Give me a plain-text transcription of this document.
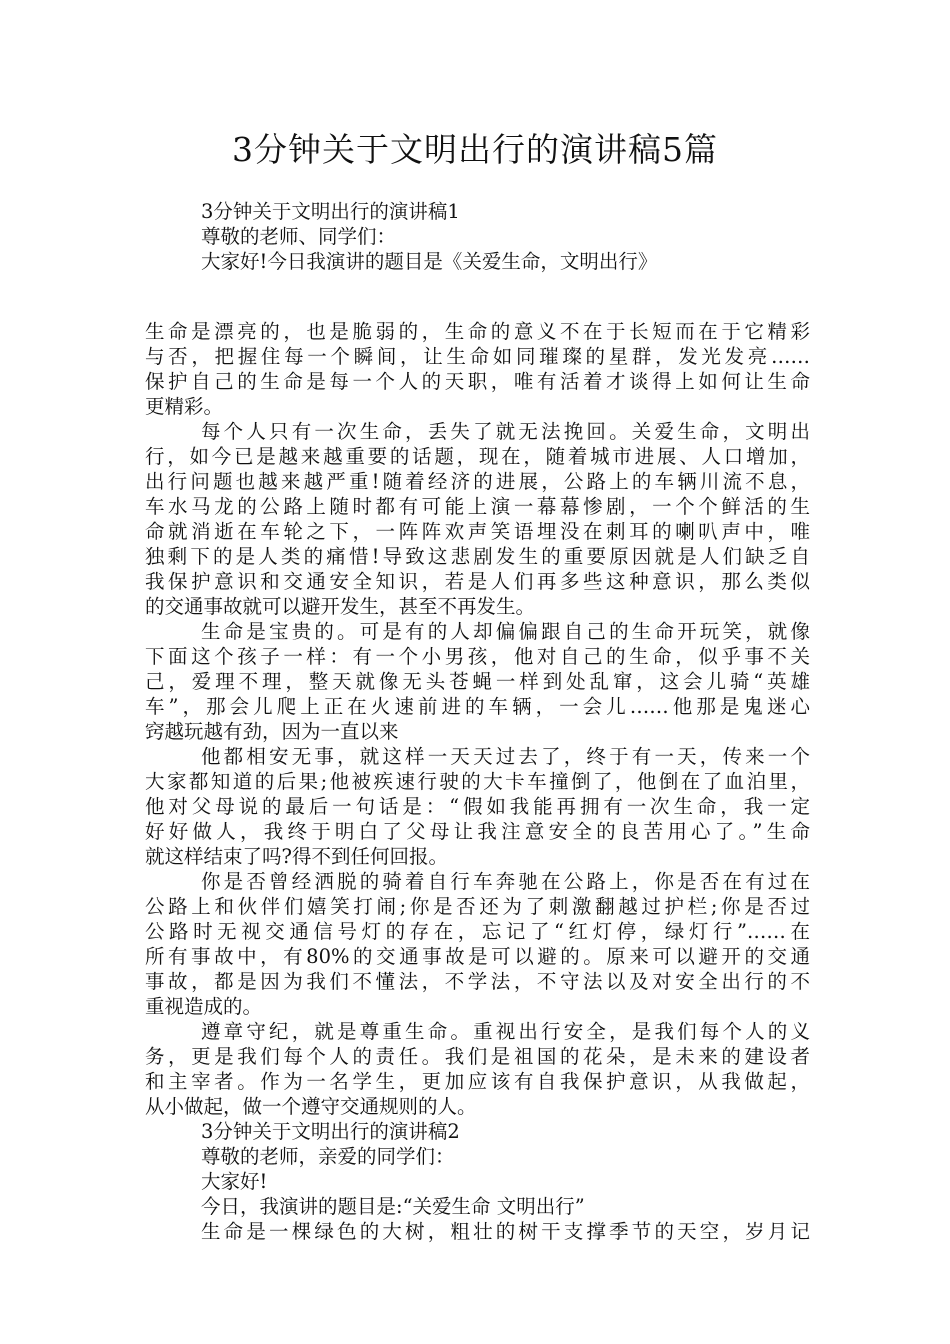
3分钟关于文明出行的演讲稿5篇
3分钟关于文明出行的演讲稿1
尊敬的老师、同学们：
大家好!今日我演讲的题目是《关爱生命，文明出行》
生命是漂亮的，也是脆弱的，生命的意义不在于长短而在于它精彩
与否，把握住每一个瞬间，让生命如同璀璨的星群，发光发亮……
保护自己的生命是每一个人的天职，唯有活着才谈得上如何让生命
更精彩。
每个人只有一次生命，丢失了就无法挽回。关爱生命，文明出
行，如今已是越来越重要的话题，现在，随着城市进展、人口增加，
出行问题也越来越严重!随着经济的进展，公路上的车辆川流不息，
车水马龙的公路上随时都有可能上演一幕幕惨剧，一个个鲜活的生
命就消逝在车轮之下，一阵阵欢声笑语埋没在刺耳的喇叭声中，唯
独剩下的是人类的痛惜!导致这悲剧发生的重要原因就是人们缺乏自
我保护意识和交通安全知识，若是人们再多些这种意识，那么类似
的交通事故就可以避开发生，甚至不再发生。
生命是宝贵的。可是有的人却偏偏跟自己的生命开玩笑，就像
下面这个孩子一样：有一个小男孩，他对自己的生命，似乎事不关
己，爱理不理，整天就像无头苍蝇一样到处乱窜，这会儿骑“英雄
车”，那会儿爬上正在火速前进的车辆，一会儿……他那是鬼迷心
窍越玩越有劲，因为一直以来
他都相安无事，就这样一天天过去了，终于有一天，传来一个
大家都知道的后果;他被疾速行驶的大卡车撞倒了，他倒在了血泊里，
他对父母说的最后一句话是：“假如我能再拥有一次生命，我一定
好好做人，我终于明白了父母让我注意安全的良苦用心了。”生命
就这样结束了吗?得不到任何回报。
你是否曾经洒脱的骑着自行车奔驰在公路上，你是否在有过在
公路上和伙伴们嬉笑打闹;你是否还为了刺激翻越过护栏;你是否过
公路时无视交通信号灯的存在，忘记了“红灯停，绿灯行”……在
所有事故中，有80%的交通事故是可以避的。原来可以避开的交通
事故，都是因为我们不懂法，不学法，不守法以及对安全出行的不
重视造成的。
遵章守纪，就是尊重生命。重视出行安全，是我们每个人的义
务，更是我们每个人的责任。我们是祖国的花朵，是未来的建设者
和主宰者。作为一名学生，更加应该有自我保护意识，从我做起，
从小做起，做一个遵守交通规则的人。
3分钟关于文明出行的演讲稿2
尊敬的老师，亲爱的同学们：
大家好!
今日，我演讲的题目是:“关爱生命 文明出行”
生命是一棵绿色的大树，粗壮的树干支撑季节的天空，岁月记
